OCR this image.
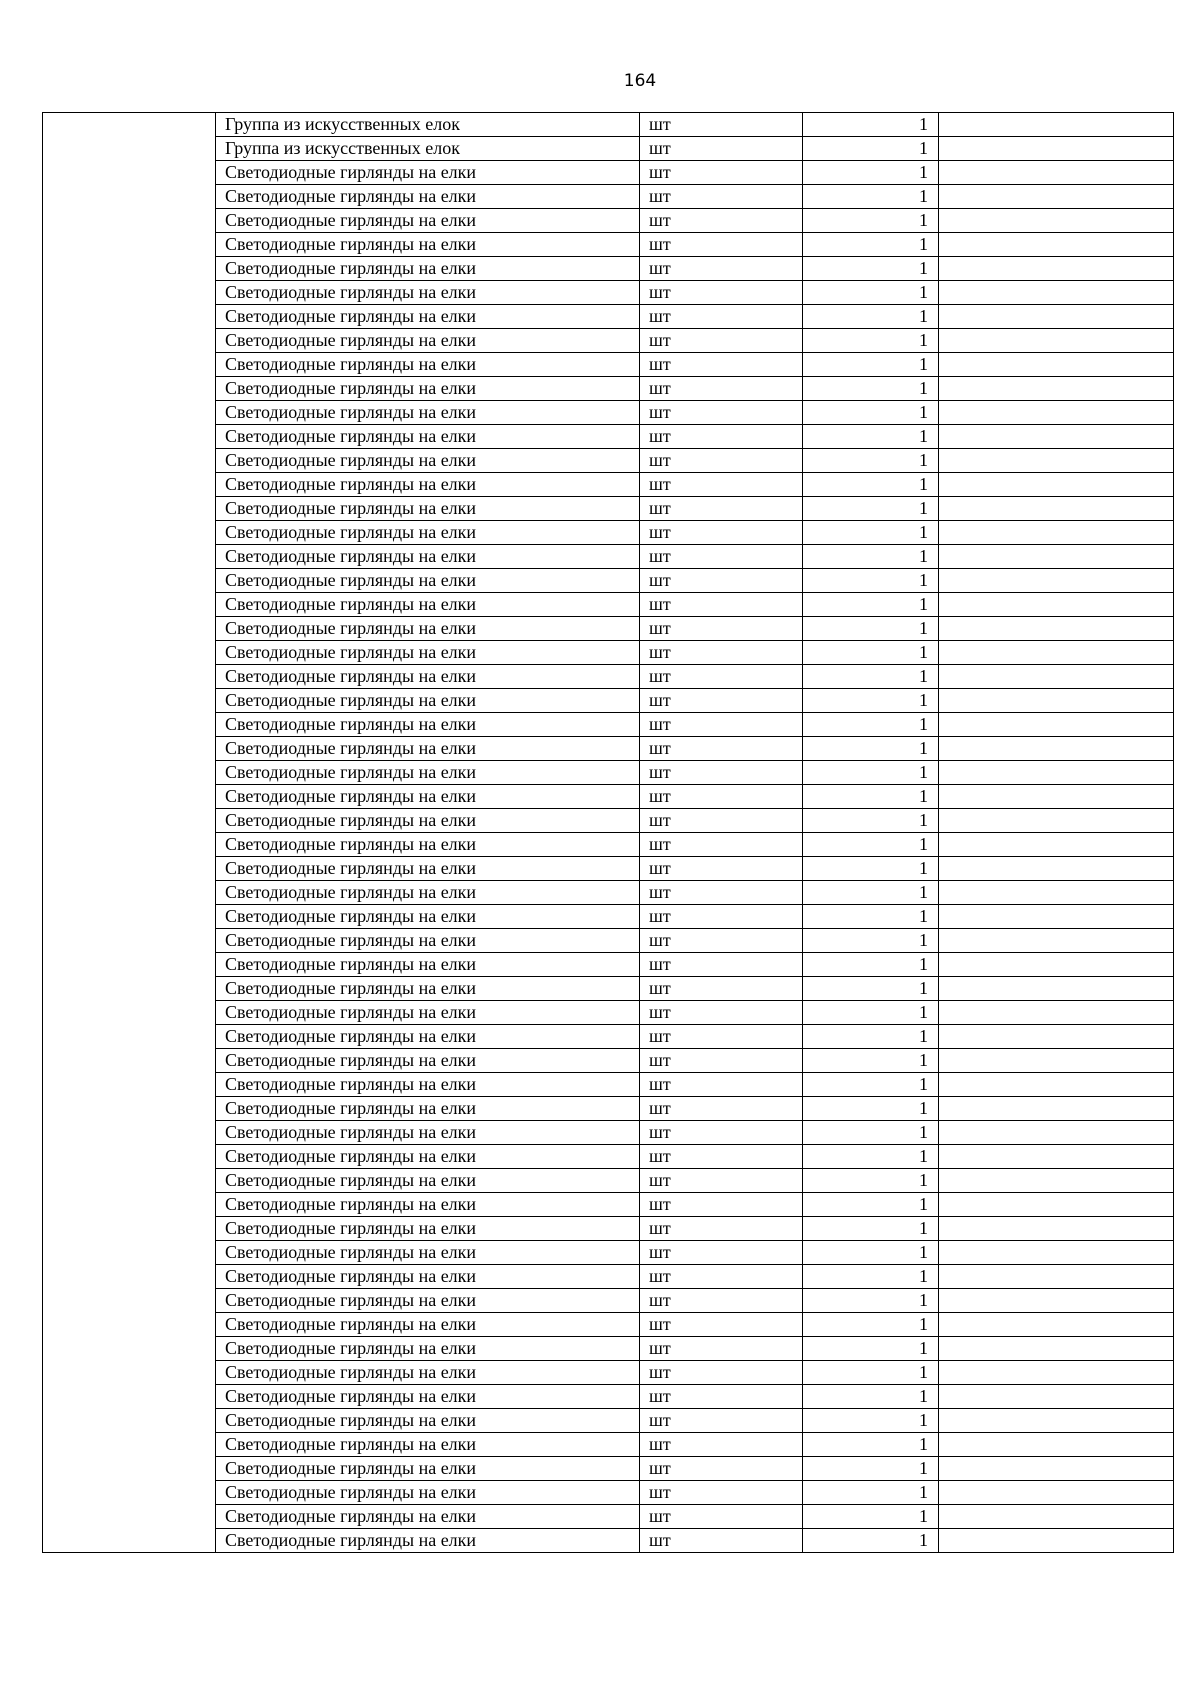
164
	Группа из искусственных елок	шт	1	
	Группа из искусственных елок	шт	1	
	Светодиодные гирлянды на елки	шт	1	
	Светодиодные гирлянды на елки	шт	1	
	Светодиодные гирлянды на елки	шт	1	
	Светодиодные гирлянды на елки	шт	1	
	Светодиодные гирлянды на елки	шт	1	
	Светодиодные гирлянды на елки	шт	1	
	Светодиодные гирлянды на елки	шт	1	
	Светодиодные гирлянды на елки	шт	1	
	Светодиодные гирлянды на елки	шт	1	
	Светодиодные гирлянды на елки	шт	1	
	Светодиодные гирлянды на елки	шт	1	
	Светодиодные гирлянды на елки	шт	1	
	Светодиодные гирлянды на елки	шт	1	
	Светодиодные гирлянды на елки	шт	1	
	Светодиодные гирлянды на елки	шт	1	
	Светодиодные гирлянды на елки	шт	1	
	Светодиодные гирлянды на елки	шт	1	
	Светодиодные гирлянды на елки	шт	1	
	Светодиодные гирлянды на елки	шт	1	
	Светодиодные гирлянды на елки	шт	1	
	Светодиодные гирлянды на елки	шт	1	
	Светодиодные гирлянды на елки	шт	1	
	Светодиодные гирлянды на елки	шт	1	
	Светодиодные гирлянды на елки	шт	1	
	Светодиодные гирлянды на елки	шт	1	
	Светодиодные гирлянды на елки	шт	1	
	Светодиодные гирлянды на елки	шт	1	
	Светодиодные гирлянды на елки	шт	1	
	Светодиодные гирлянды на елки	шт	1	
	Светодиодные гирлянды на елки	шт	1	
	Светодиодные гирлянды на елки	шт	1	
	Светодиодные гирлянды на елки	шт	1	
	Светодиодные гирлянды на елки	шт	1	
	Светодиодные гирлянды на елки	шт	1	
	Светодиодные гирлянды на елки	шт	1	
	Светодиодные гирлянды на елки	шт	1	
	Светодиодные гирлянды на елки	шт	1	
	Светодиодные гирлянды на елки	шт	1	
	Светодиодные гирлянды на елки	шт	1	
	Светодиодные гирлянды на елки	шт	1	
	Светодиодные гирлянды на елки	шт	1	
	Светодиодные гирлянды на елки	шт	1	
	Светодиодные гирлянды на елки	шт	1	
	Светодиодные гирлянды на елки	шт	1	
	Светодиодные гирлянды на елки	шт	1	
	Светодиодные гирлянды на елки	шт	1	
	Светодиодные гирлянды на елки	шт	1	
	Светодиодные гирлянды на елки	шт	1	
	Светодиодные гирлянды на елки	шт	1	
	Светодиодные гирлянды на елки	шт	1	
	Светодиодные гирлянды на елки	шт	1	
	Светодиодные гирлянды на елки	шт	1	
	Светодиодные гирлянды на елки	шт	1	
	Светодиодные гирлянды на елки	шт	1	
	Светодиодные гирлянды на елки	шт	1	
	Светодиодные гирлянды на елки	шт	1	
	Светодиодные гирлянды на елки	шт	1	
	Светодиодные гирлянды на елки	шт	1	
